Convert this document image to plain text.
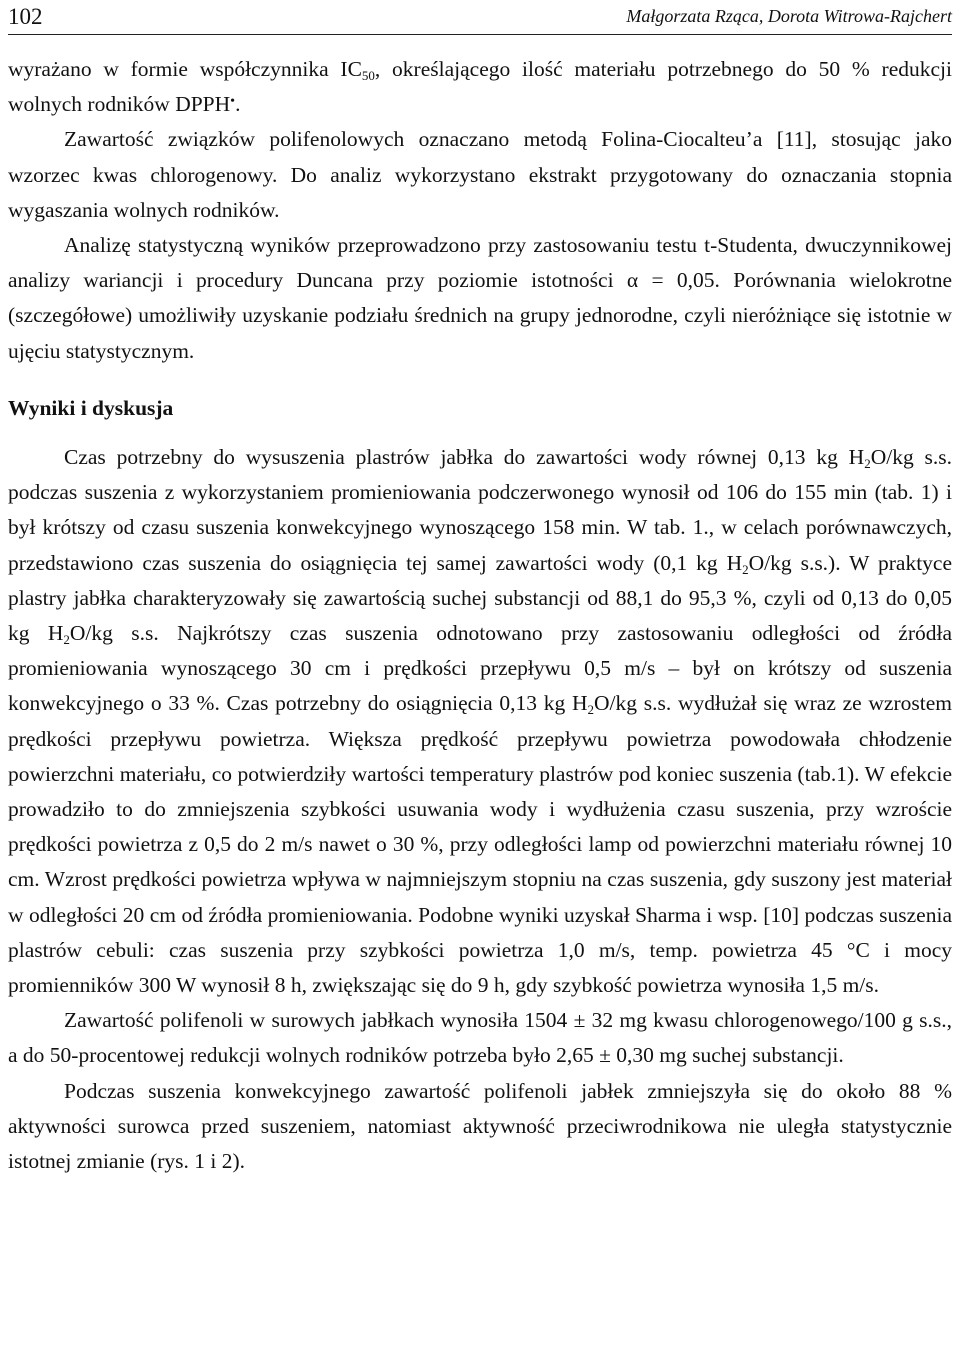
102	Małgorzata Rząca, Dorota Witrowa-Rajchert

wyrażano w formie współczynnika $IC_{50}$, określającego ilość materiału potrzebnego do 50 % redukcji wolnych rodników DPPH•.

Zawartość związków polifenolowych oznaczano metodą Folina-Ciocalteu’a [11], stosując jako wzorzec kwas chlorogenowy. Do analiz wykorzystano ekstrakt przygotowany do oznaczania stopnia wygaszania wolnych rodników.

Analizę statystyczną wyników przeprowadzono przy zastosowaniu testu t-Studenta, dwuczynnikowej analizy wariancji i procedury Duncana przy poziomie istotności α = 0,05. Porównania wielokrotne (szczegółowe) umożliwiły uzyskanie podziału średnich na grupy jednorodne, czyli nieróżniące się istotnie w ujęciu statystycznym.

Wyniki i dyskusja

Czas potrzebny do wysuszenia plastrów jabłka do zawartości wody równej 0,13 kg $H_2O/kg$ s.s. podczas suszenia z wykorzystaniem promieniowania podczerwonego wynosił od 106 do 155 min (tab. 1) i był krótszy od czasu suszenia konwekcyjnego wynoszącego 158 min. W tab. 1., w celach porównawczych, przedstawiono czas suszenia do osiągnięcia tej samej zawartości wody (0,1 kg $H_2O/kg$ s.s.). W praktyce plastry jabłka charakteryzowały się zawartością suchej substancji od 88,1 do 95,3 %, czyli od 0,13 do 0,05 kg $H_2O/kg$ s.s. Najkrótszy czas suszenia odnotowano przy zastosowaniu odległości od źródła promieniowania wynoszącego 30 cm i prędkości przepływu 0,5 m/s – był on krótszy od suszenia konwekcyjnego o 33 %. Czas potrzebny do osiągnięcia 0,13 kg $H_2O/kg$ s.s. wydłużał się wraz ze wzrostem prędkości przepływu powietrza. Większa prędkość przepływu powietrza powodowała chłodzenie powierzchni materiału, co potwierdziły wartości temperatury plastrów pod koniec suszenia (tab.1). W efekcie prowadziło to do zmniejszenia szybkości usuwania wody i wydłużenia czasu suszenia, przy wzroście prędkości powietrza z 0,5 do 2 m/s nawet o 30 %, przy odległości lamp od powierzchni materiału równej 10 cm. Wzrost prędkości powietrza wpływa w najmniejszym stopniu na czas suszenia, gdy suszony jest materiał w odległości 20 cm od źródła promieniowania. Podobne wyniki uzyskał Sharma i wsp. [10] podczas suszenia plastrów cebuli: czas suszenia przy szybkości powietrza 1,0 m/s, temp. powietrza 45 °C i mocy promienników 300 W wynosił 8 h, zwiększając się do 9 h, gdy szybkość powietrza wynosiła 1,5 m/s.

Zawartość polifenoli w surowych jabłkach wynosiła 1504 ± 32 mg kwasu chlorogenowego/100 g s.s., a do 50-procentowej redukcji wolnych rodników potrzeba było 2,65 ± 0,30 mg suchej substancji.

Podczas suszenia konwekcyjnego zawartość polifenoli jabłek zmniejszyła się do około 88 % aktywności surowca przed suszeniem, natomiast aktywność przeciwrodnikowa nie uległa statystycznie istotnej zmianie (rys. 1 i 2).
